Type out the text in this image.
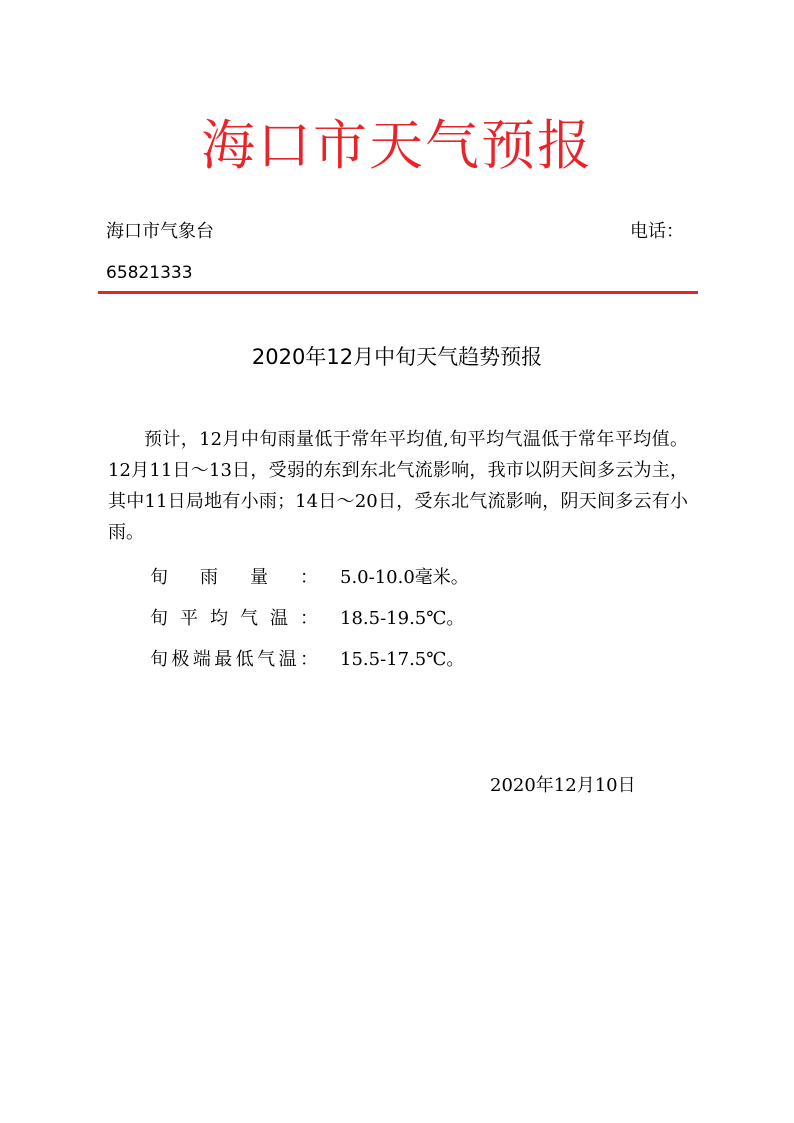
海口市天气预报
海口市气象台	电话：
65821333
2020年12月中旬天气趋势预报

预计，12月中旬雨量低于常年平均值,旬平均气温低于常年平均值。12月11日～13日，受弱的东到东北气流影响，我市以阴天间多云为主，其中11日局地有小雨；14日～20日，受东北气流影响，阴天间多云有小雨。

旬雨量： 5.0-10.0毫米。
旬平均气温： 18.5-19.5℃。
旬极端最低气温： 15.5-17.5℃。
2020年12月10日
